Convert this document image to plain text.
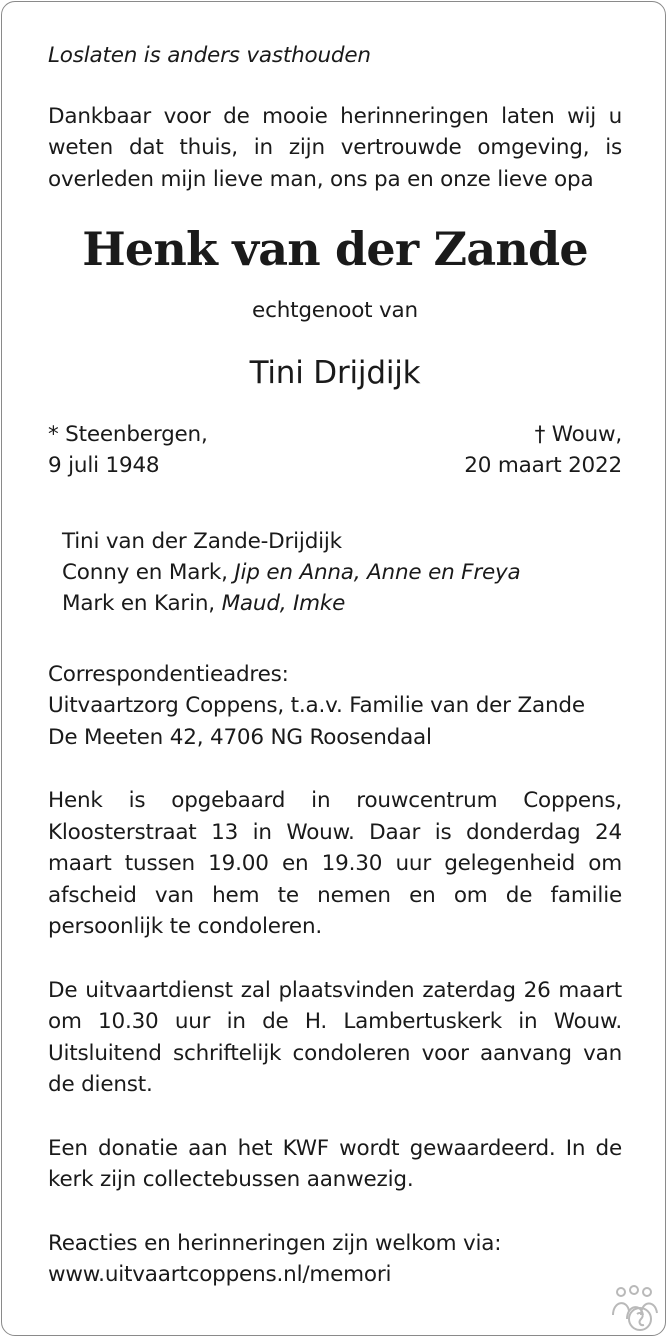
Loslaten is anders vasthouden

Dankbaar voor de mooie herinneringen laten wij u weten dat thuis, in zijn vertrouwde omgeving, is overleden mijn lieve man, ons pa en onze lieve opa

Henk van der Zande

echtgenoot van

Tini Drijdijk

* Steenbergen,
9 juli 1948
† Wouw,
20 maart 2022
Tini van der Zande-Drijdijk
Conny en Mark, Jip en Anna, Anne en Freya
Mark en Karin, Maud, Imke

Correspondentieadres:

Uitvaartzorg Coppens, t.a.v. Familie van der Zande

De Meeten 42, 4706 NG Roosendaal

Henk is opgebaard in rouwcentrum Coppens, Kloosterstraat 13 in Wouw. Daar is donderdag 24 maart tussen 19.00 en 19.30 uur gelegenheid om afscheid van hem te nemen en om de familie persoonlijk te condoleren.

De uitvaartdienst zal plaatsvinden zaterdag 26 maart om 10.30 uur in de H. Lambertuskerk in Wouw. Uitsluitend schriftelijk condoleren voor aanvang van de dienst.

Een donatie aan het KWF wordt gewaardeerd. In de kerk zijn collectebussen aanwezig.

Reacties en herinneringen zijn welkom via:

www.uitvaartcoppens.nl/memori
